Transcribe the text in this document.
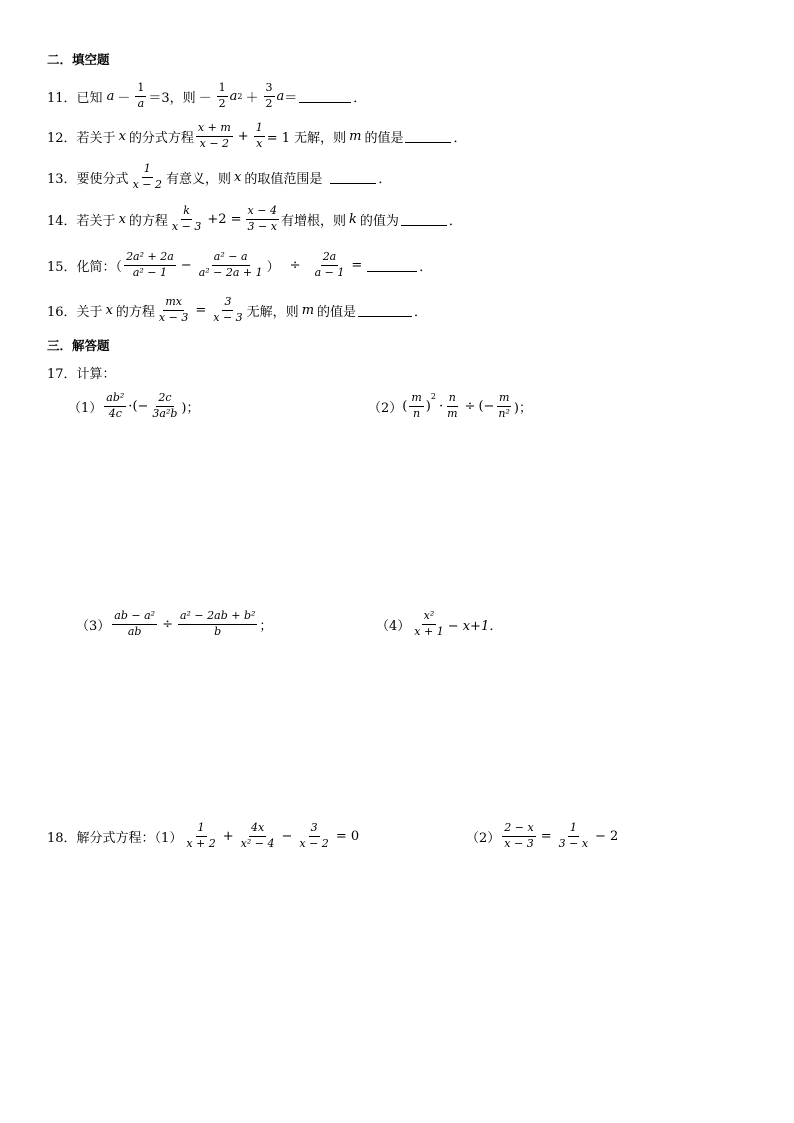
二．填空题
11． 已知 $a - \frac{1}{a} =3$，则 － $\frac{1}{2}$ a $2 + \frac{3}{2}$ a ＝	．
12． 若关于 x 的分式方程 $\frac{x + m}{x - 2} + \frac{1}{x} = 1$ 无解，则 m 的值是	．
13． 要使分式 $\frac{1}{x - 2}$ 有意义，则 x 的取值范围是	．
14． 若关于 x 的方程 $\frac{k}{x - 3} +2 = \frac{x - 4}{3 - x}$ 有增根，则 k 的值为	．
15． 化简：（ $\frac{\text{2a² + 2a}}{\text{a² − 1}} - \frac{\text{a² − a}}{\text{a² − 2a + 1}}$ ） ÷ $\frac{2a}{a - 1}$ =	．
16． 关于 x 的方程 $\frac{mx}{x - 3} = \frac{3}{x - 3}$ 无解，则 m 的值是	．
三．解答题
17．计算：
$(1) \frac{\text{ab²}}{4c}$ · (− $\frac{2c}{\text{3a²b}}$ )；	（2） ( $\frac{m}{n}$ )
$^2$
· $\frac{n}{m}$ ÷ (− $\frac{m}{\text{n²}}$ )；
$(3) \frac{\text{ab − a²}}{ab} \div \frac{\text{a² − 2ab + b²}}{b}$ ；	$(4) \frac{\text{x²}}{x + 1} - x+1$．
18．解分式方程：$(1) \frac{1}{x + 2} + \frac{4x}{\text{x² − 4}} - \frac{3}{x - 2} = 0$	$(2) \frac{2 - x}{x - 3} = \frac{1}{3 - x} - 2$
